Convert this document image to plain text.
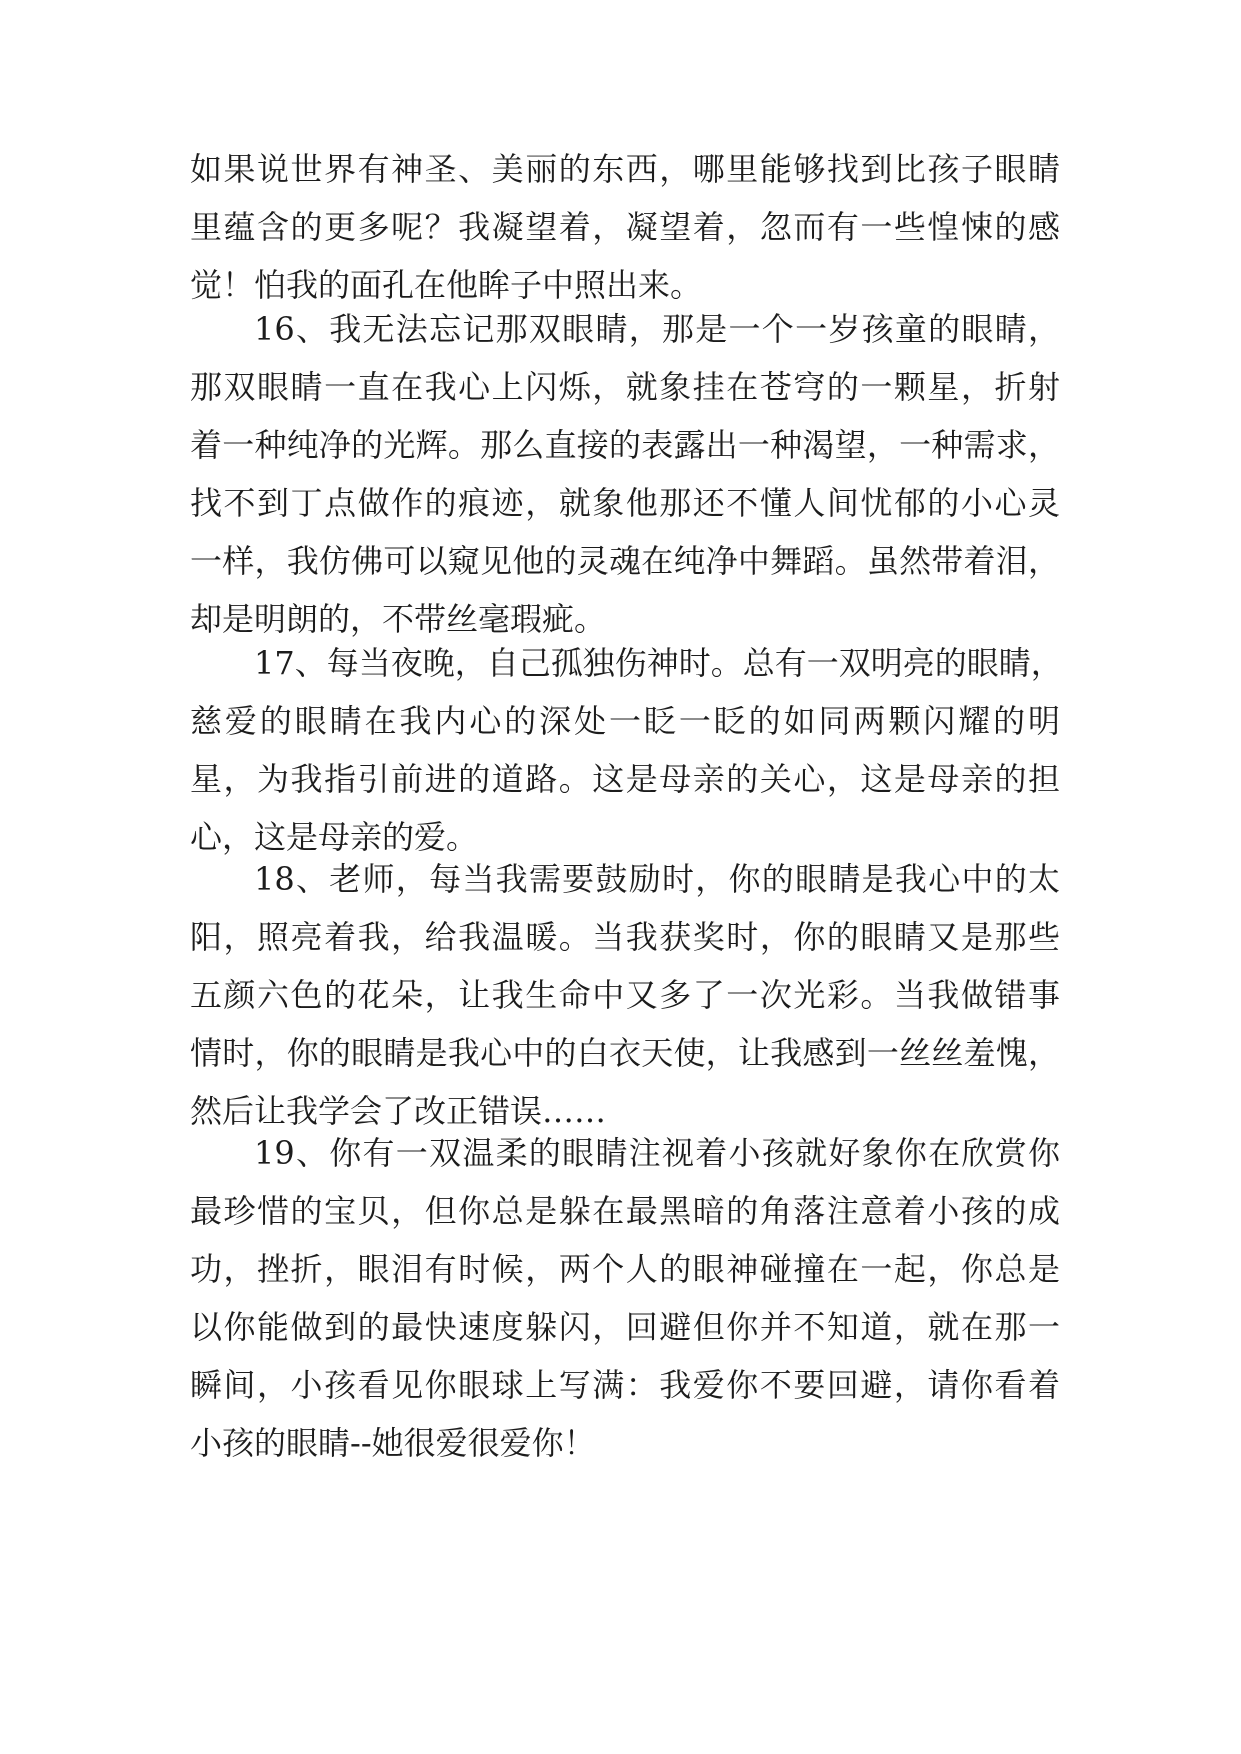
如果说世界有神圣、美丽的东西，哪里能够找到比孩子眼睛
里蕴含的更多呢？我凝望着，凝望着，忽而有一些惶悚的感
觉！怕我的面孔在他眸子中照出来。
16、我无法忘记那双眼睛，那是一个一岁孩童的眼睛，
那双眼睛一直在我心上闪烁，就象挂在苍穹的一颗星，折射
着一种纯净的光辉。那么直接的表露出一种渴望，一种需求，
找不到丁点做作的痕迹，就象他那还不懂人间忧郁的小心灵
一样，我仿佛可以窥见他的灵魂在纯净中舞蹈。虽然带着泪，
却是明朗的，不带丝毫瑕疵。
17、每当夜晚，自己孤独伤神时。总有一双明亮的眼睛，
慈爱的眼睛在我内心的深处一眨一眨的如同两颗闪耀的明
星，为我指引前进的道路。这是母亲的关心，这是母亲的担
心，这是母亲的爱。
18、老师，每当我需要鼓励时，你的眼睛是我心中的太
阳，照亮着我，给我温暖。当我获奖时，你的眼睛又是那些
五颜六色的花朵，让我生命中又多了一次光彩。当我做错事
情时，你的眼睛是我心中的白衣天使，让我感到一丝丝羞愧，
然后让我学会了改正错误……
19、你有一双温柔的眼睛注视着小孩就好象你在欣赏你
最珍惜的宝贝，但你总是躲在最黑暗的角落注意着小孩的成
功，挫折，眼泪有时候，两个人的眼神碰撞在一起，你总是
以你能做到的最快速度躲闪，回避但你并不知道，就在那一
瞬间，小孩看见你眼球上写满：我爱你不要回避，请你看着
小孩的眼睛--她很爱很爱你！
